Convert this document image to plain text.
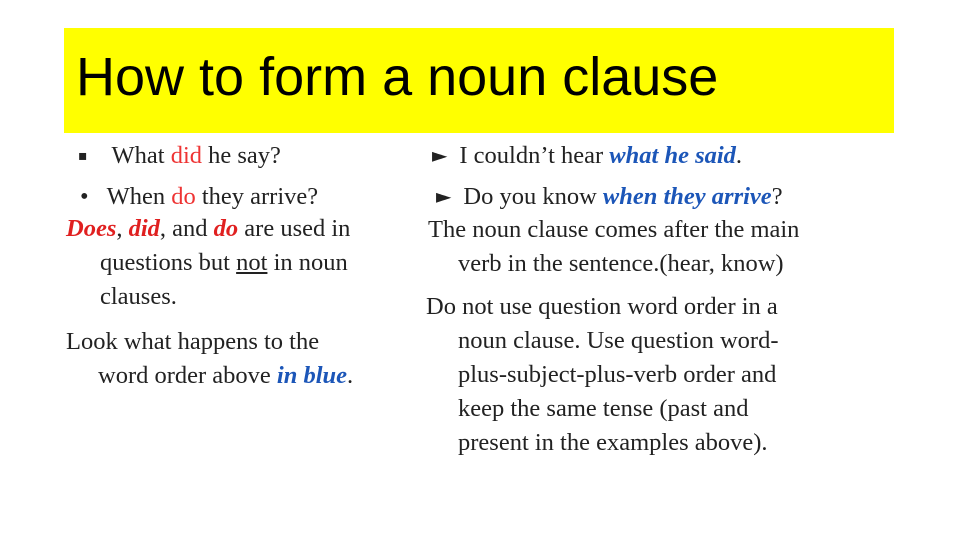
How to form a noun clause
▪ What did he say?
• When do they arrive?
Does, did, and do are used in
questions but not in noun
clauses.
Look what happens to the
word order above in blue.
► I couldn’t hear what he said.
► Do you know when they arrive?
The noun clause comes after the main
verb in the sentence.(hear, know)
Do not use question word order in a
noun clause. Use question word-
plus-subject-plus-verb order and
keep the same tense (past and
present in the examples above).
